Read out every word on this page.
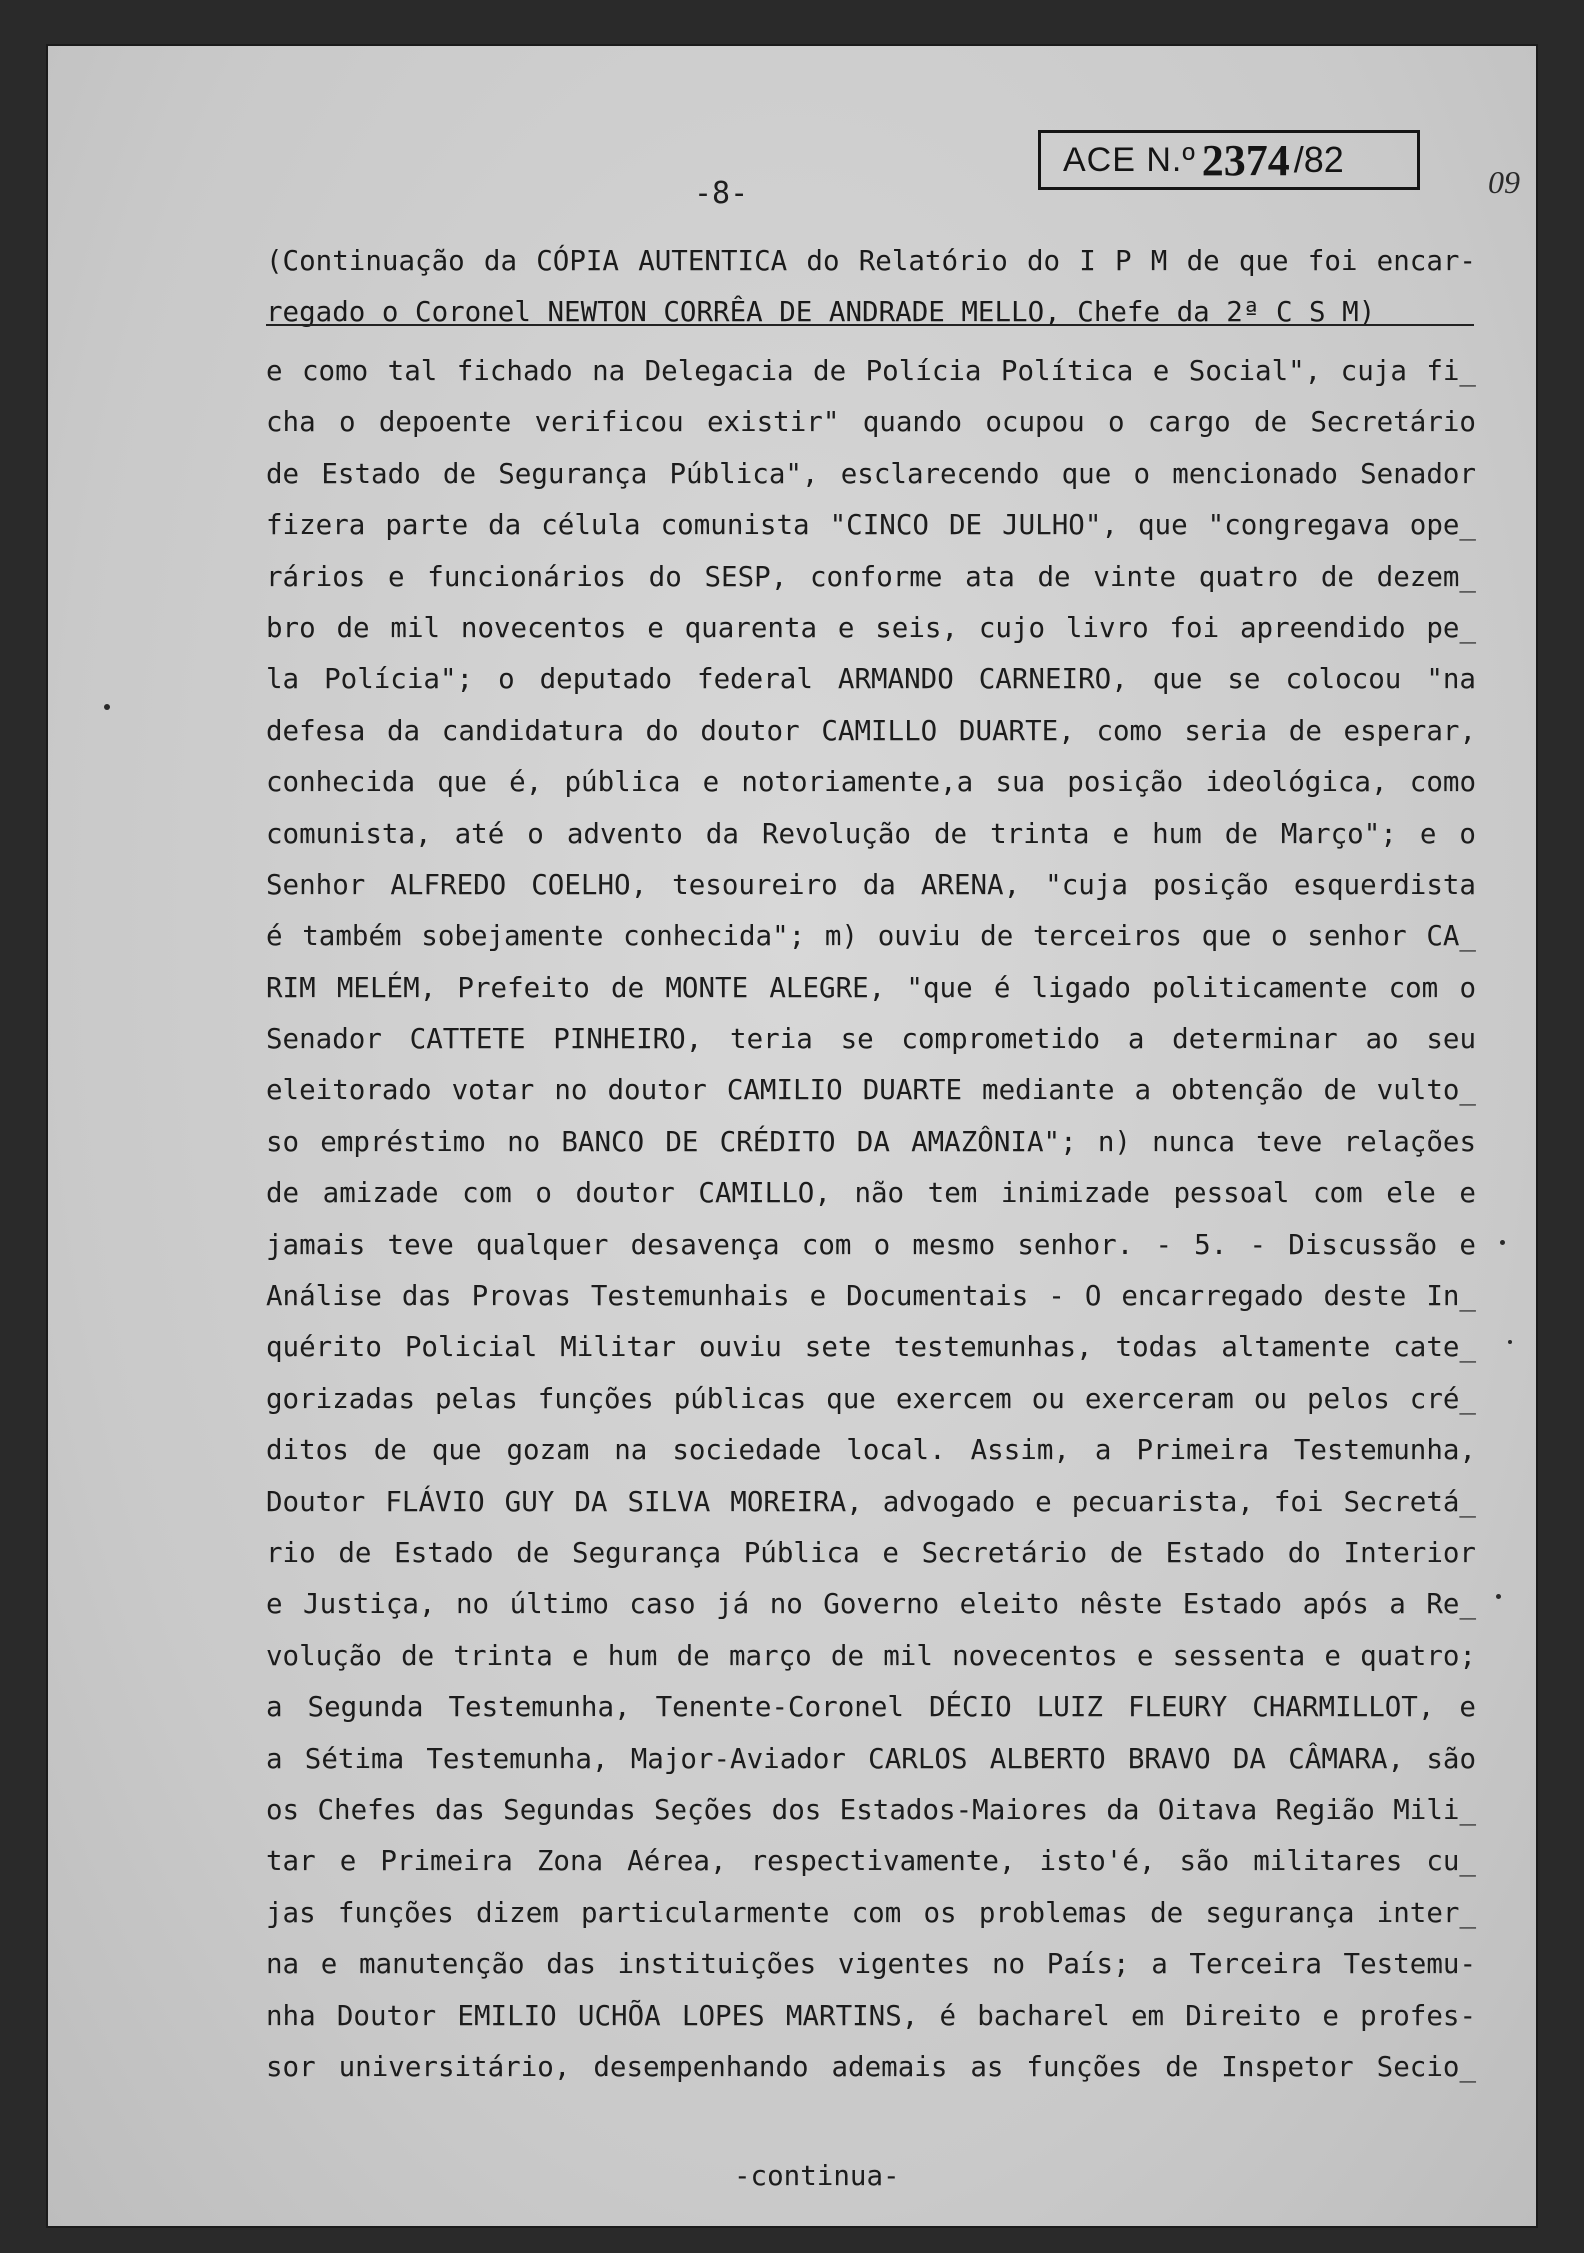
-8-
ACE N.º 2374 /82
09
(Continuação da CÓPIA AUTENTICA do Relatório do I P M de que foi encar-
regado o Coronel NEWTON CORRÊA DE ANDRADE MELLO, Chefe da 2ª C S M)
e como tal fichado na Delegacia de Polícia Política e Social", cuja fi_
cha o depoente verificou existir" quando ocupou o cargo de Secretário
de Estado de Segurança Pública", esclarecendo que o mencionado Senador
fizera parte da célula comunista "CINCO DE JULHO", que "congregava ope_
rários e funcionários do SESP, conforme ata de vinte quatro de dezem_
bro de mil novecentos e quarenta e seis, cujo livro foi apreendido pe_
la Polícia"; o deputado federal ARMANDO CARNEIRO, que se colocou "na
defesa da candidatura do doutor CAMILLO DUARTE, como seria de esperar,
conhecida que é, pública e notoriamente,a sua posição ideológica, como
comunista, até o advento da Revolução de trinta e hum de Março"; e o
Senhor ALFREDO COELHO, tesoureiro da ARENA, "cuja posição esquerdista
é também sobejamente conhecida"; m) ouviu de terceiros que o senhor CA_
RIM MELÉM, Prefeito de MONTE ALEGRE, "que é ligado politicamente com o
Senador CATTETE PINHEIRO, teria se comprometido a determinar ao seu
eleitorado votar no doutor CAMILIO DUARTE mediante a obtenção de vulto_
so empréstimo no BANCO DE CRÉDITO DA AMAZÔNIA"; n) nunca teve relações
de amizade com o doutor CAMILLO, não tem inimizade pessoal com ele e
jamais teve qualquer desavença com o mesmo senhor. - 5. - Discussão e
Análise das Provas Testemunhais e Documentais - O encarregado deste In_
quérito Policial Militar ouviu sete testemunhas, todas altamente cate_
gorizadas pelas funções públicas que exercem ou exerceram ou pelos cré_
ditos de que gozam na sociedade local. Assim, a Primeira Testemunha,
Doutor FLÁVIO GUY DA SILVA MOREIRA, advogado e pecuarista, foi Secretá_
rio de Estado de Segurança Pública e Secretário de Estado do Interior
e Justiça, no último caso já no Governo eleito nêste Estado após a Re_
volução de trinta e hum de março de mil novecentos e sessenta e quatro;
a Segunda Testemunha, Tenente-Coronel DÉCIO LUIZ FLEURY CHARMILLOT, e
a Sétima Testemunha, Major-Aviador CARLOS ALBERTO BRAVO DA CÂMARA, são
os Chefes das Segundas Seções dos Estados-Maiores da Oitava Região Mili_
tar e Primeira Zona Aérea, respectivamente, isto'é, são militares cu_
jas funções dizem particularmente com os problemas de segurança inter_
na e manutenção das instituições vigentes no País; a Terceira Testemu-
nha Doutor EMILIO UCHÕA LOPES MARTINS, é bacharel em Direito e profes-
sor universitário, desempenhando ademais as funções de Inspetor Secio_
-continua-
